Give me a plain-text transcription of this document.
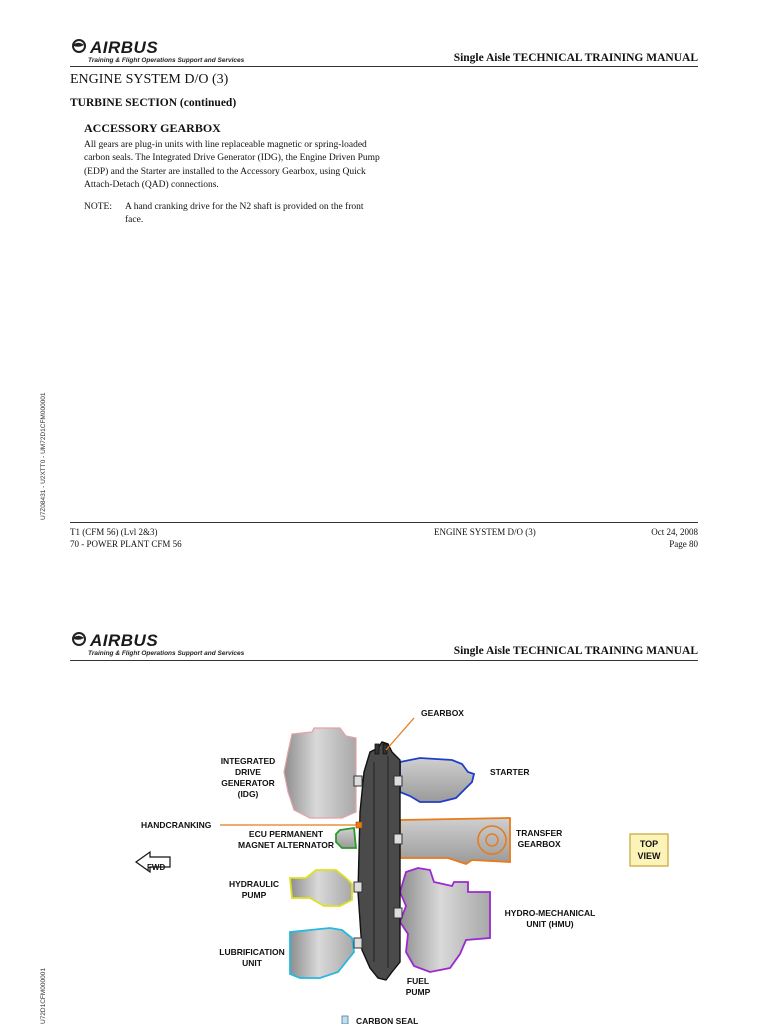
AIRBUS
Training & Flight Operations Support and Services	Single Aisle TECHNICAL TRAINING MANUAL
ENGINE SYSTEM D/O (3)
TURBINE SECTION (continued)
ACCESSORY GEARBOX
All gears are plug-in units with line replaceable magnetic or spring-loaded carbon seals. The Integrated Drive Generator (IDG), the Engine Driven Pump (EDP) and the Starter are installed to the Accessory Gearbox, using Quick Attach-Detach (QAD) connections.
NOTE: A hand cranking drive for the N2 shaft is provided on the front face.
U7Z08431 - U2XTT0 - UM72D1CFM000001
T1 (CFM 56) (Lvl 2&3)
70 - POWER PLANT CFM 56
ENGINE SYSTEM D/O (3)	Oct 24, 2008
Page 80
AIRBUS
Training & Flight Operations Support and Services	Single Aisle TECHNICAL TRAINING MANUAL
U72D1CFM000001
GEARBOX
INTEGRATED
DRIVE
GENERATOR
(IDG)
STARTER
HANDCRANKING
ECU PERMANENT
MAGNET ALTERNATOR
TRANSFER
GEARBOX	TOP
VIEW
FWD
HYDRAULIC
PUMP
HYDRO-MECHANICAL
UNIT (HMU)
LUBRIFICATION
UNIT
FUEL
PUMP
CARBON SEAL
